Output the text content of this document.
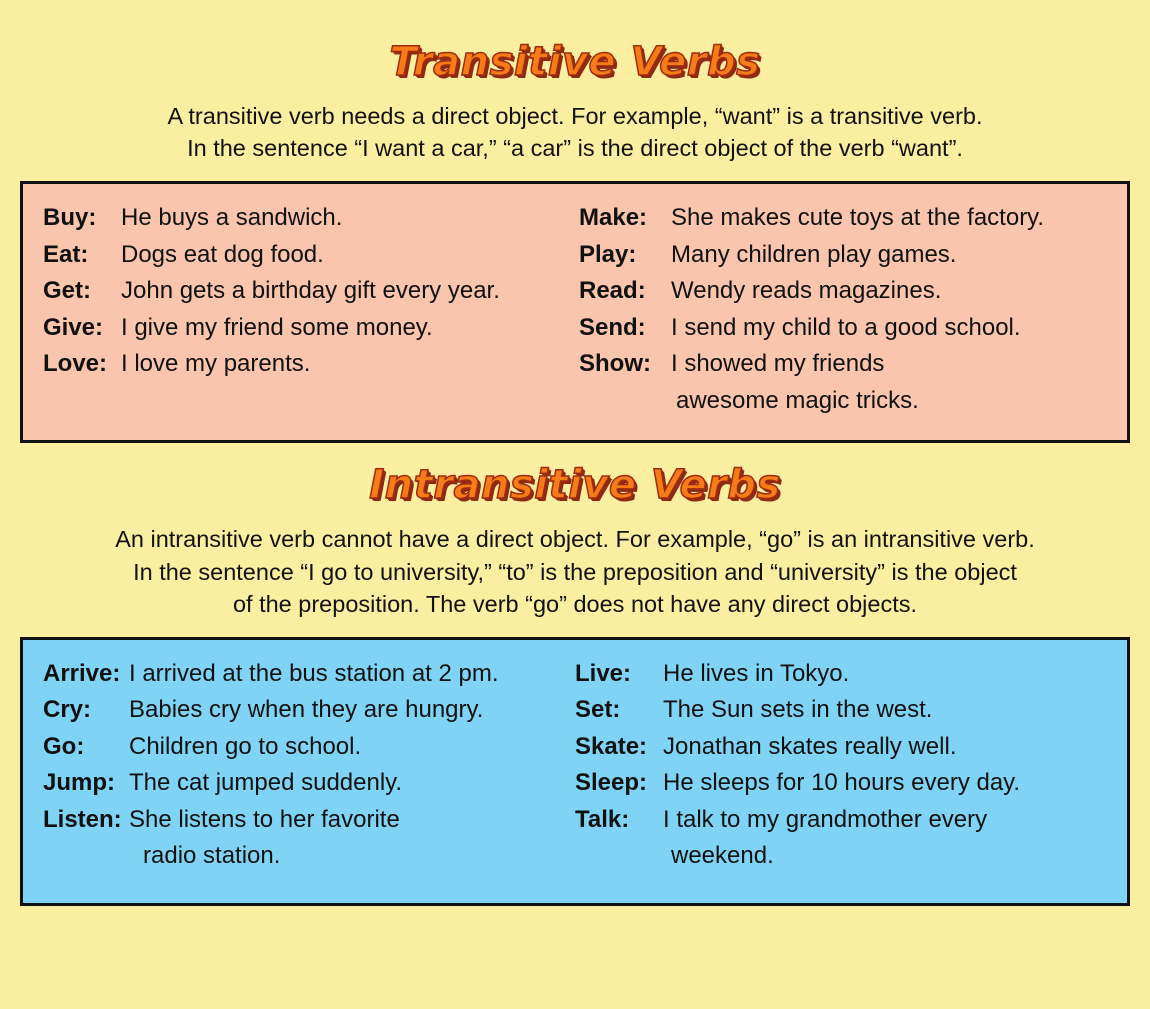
Transitive Verbs
A transitive verb needs a direct object. For example, “want” is a transitive verb.
In the sentence “I want a car,” “a car” is the direct object of the verb “want”.
Buy:	He buys a sandwich.
Eat:	Dogs eat dog food.
Get:	John gets a birthday gift every year.
Give: I give my friend some money.
Love: I love my parents.
Make: She makes cute toys at the factory.
Play:	Many children play games.
Read:	Wendy reads magazines.
Send:	I send my child to a good school.
Show: I showed my friends
awesome magic tricks.
Intransitive Verbs
An intransitive verb cannot have a direct object. For example, “go” is an intransitive verb.
In the sentence “I go to university,” “to” is the preposition and “university” is the object
of the preposition. The verb “go” does not have any direct objects.
Arrive: I arrived at the bus station at 2 pm.
Cry:	Babies cry when they are hungry.
Go:	Children go to school.
Jump: The cat jumped suddenly.
Listen: She listens to her favorite
radio station.
Live:	He lives in Tokyo.
Set:	The Sun sets in the west.
Skate: Jonathan skates really well.
Sleep: He sleeps for 10 hours every day.
Talk:	I talk to my grandmother every
weekend.
